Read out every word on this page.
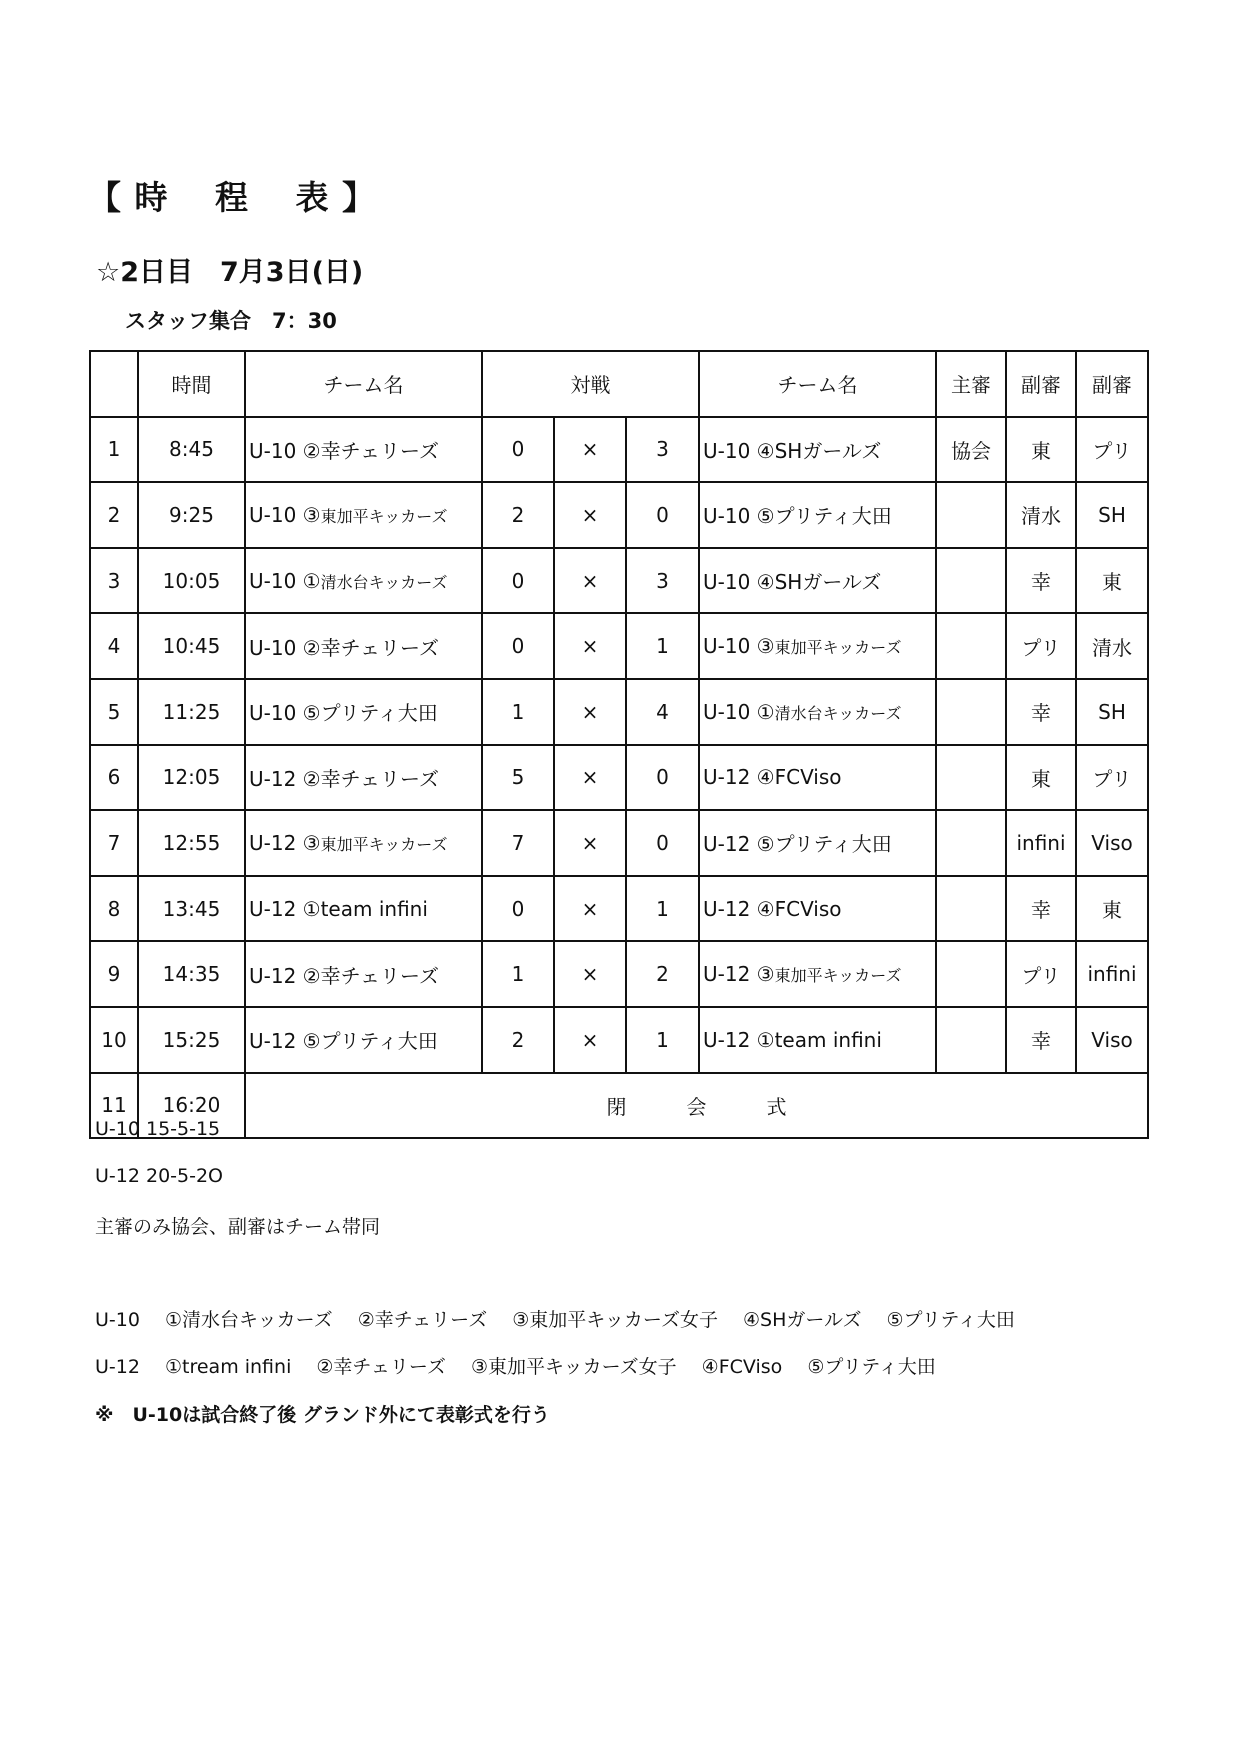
【 時　 程　 表 】
☆2日目　7月3日(日)
スタッフ集合　7：30
	時間	チーム名	対戦			チーム名	主審	副審	副審
1	8:45	U-10 ②幸チェリーズ	0	×	3	U-10 ④SHガールズ	協会	東	プリ
2	9:25	U-10 ③東加平キッカーズ	2	×	0	U-10 ⑤プリティ大田		清水	SH
3	10:05	U-10 ①清水台キッカーズ	0	×	3	U-10 ④SHガールズ		幸	東
4	10:45	U-10 ②幸チェリーズ	0	×	1	U-10 ③東加平キッカーズ		プリ	清水
5	11:25	U-10 ⑤プリティ大田	1	×	4	U-10 ①清水台キッカーズ		幸	SH
6	12:05	U-12 ②幸チェリーズ	5	×	0	U-12 ④FCViso		東	プリ
7	12:55	U-12 ③東加平キッカーズ	7	×	0	U-12 ⑤プリティ大田		infini	Viso
8	13:45	U-12 ①team infini	0	×	1	U-12 ④FCViso		幸	東
9	14:35	U-12 ②幸チェリーズ	1	×	2	U-12 ③東加平キッカーズ		プリ	infini
10	15:25	U-12 ⑤プリティ大田	2	×	1	U-12 ①team infini		幸	Viso
11	16:20	閉　　　会　　　式							
U-10 15-5-15
U-12 20-5-2O
主審のみ協会、副審はチーム帯同
U-10　 ①清水台キッカーズ　 ②幸チェリーズ　 ③東加平キッカーズ女子　 ④SHガールズ　 ⑤プリティ大田
U-12　 ①tream infini　 ②幸チェリーズ　 ③東加平キッカーズ女子　 ④FCViso　 ⑤プリティ大田
※　U-10は試合終了後 グランド外にて表彰式を行う
